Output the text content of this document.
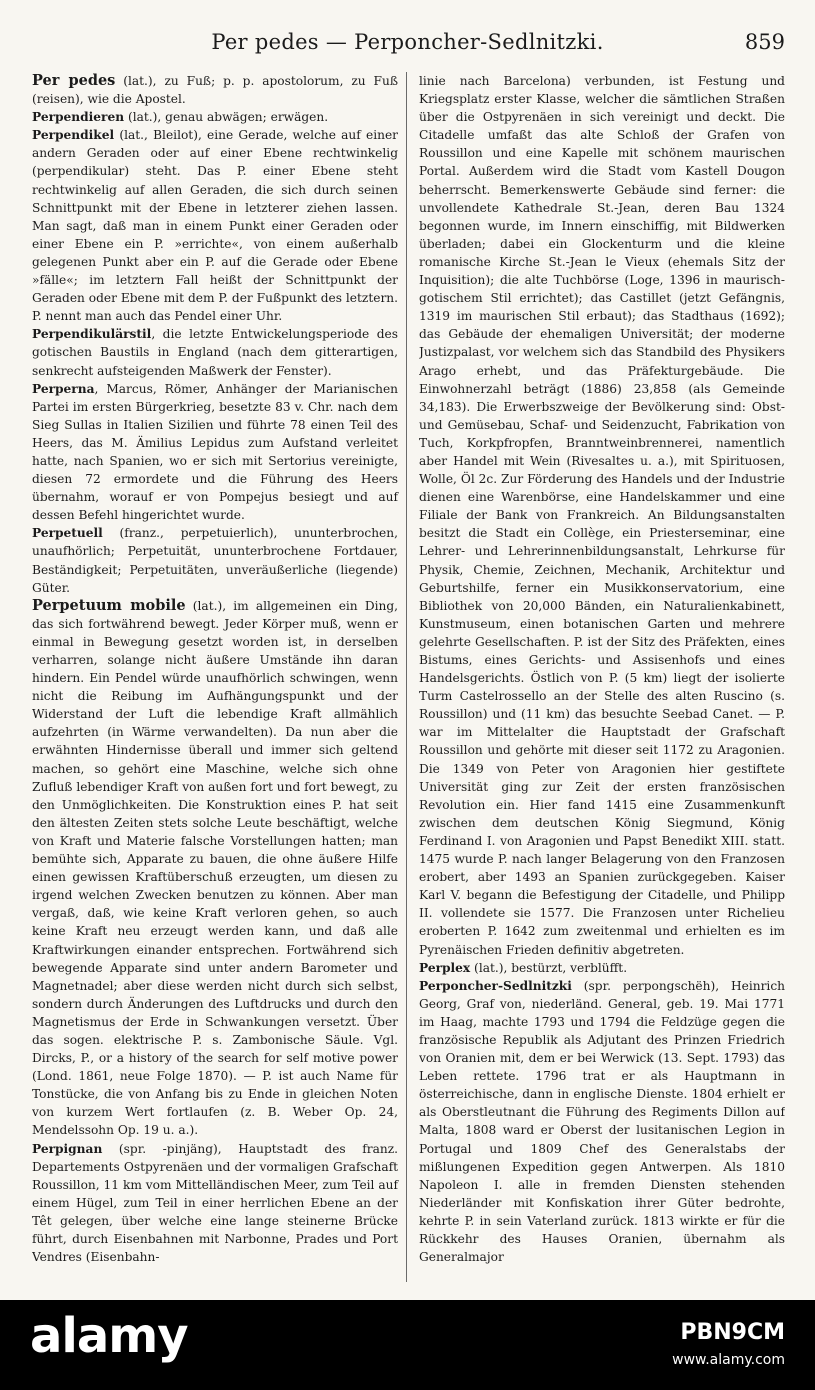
Per pedes — Perponcher-Sedlnitzki.	859

Per pedes (lat.), zu Fuß; p. p. apostolorum, zu Fuß (reisen), wie die Apostel.

Perpendieren (lat.), genau abwägen; erwägen.

Perpendikel (lat., Bleilot), eine Gerade, welche auf einer andern Geraden oder auf einer Ebene rechtwinkelig (perpendikular) steht. Das P. einer Ebene steht rechtwinkelig auf allen Geraden, die sich durch seinen Schnittpunkt mit der Ebene in letzterer ziehen lassen. Man sagt, daß man in einem Punkt einer Geraden oder einer Ebene ein P. »errichte«, von einem außerhalb gelegenen Punkt aber ein P. auf die Gerade oder Ebene »fälle«; im letztern Fall heißt der Schnittpunkt der Geraden oder Ebene mit dem P. der Fußpunkt des letztern. P. nennt man auch das Pendel einer Uhr.

Perpendikulärstil, die letzte Entwickelungsperiode des gotischen Baustils in England (nach dem gitterartigen, senkrecht aufsteigenden Maßwerk der Fenster).

Perperna, Marcus, Römer, Anhänger der Marianischen Partei im ersten Bürgerkrieg, besetzte 83 v. Chr. nach dem Sieg Sullas in Italien Sizilien und führte 78 einen Teil des Heers, das M. Ämilius Lepidus zum Aufstand verleitet hatte, nach Spanien, wo er sich mit Sertorius vereinigte, diesen 72 ermordete und die Führung des Heers übernahm, worauf er von Pompejus besiegt und auf dessen Befehl hingerichtet wurde.

Perpetuell (franz., perpetuierlich), ununterbrochen, unaufhörlich; Perpetuität, ununterbrochene Fortdauer, Beständigkeit; Perpetuitäten, unveräußerliche (liegende) Güter.

Perpetuum mobile (lat.), im allgemeinen ein Ding, das sich fortwährend bewegt. Jeder Körper muß, wenn er einmal in Bewegung gesetzt worden ist, in derselben verharren, solange nicht äußere Umstände ihn daran hindern. Ein Pendel würde unaufhörlich schwingen, wenn nicht die Reibung im Aufhängungspunkt und der Widerstand der Luft die lebendige Kraft allmählich aufzehrten (in Wärme verwandelten). Da nun aber die erwähnten Hindernisse überall und immer sich geltend machen, so gehört eine Maschine, welche sich ohne Zufluß lebendiger Kraft von außen fort und fort bewegt, zu den Unmöglichkeiten. Die Konstruktion eines P. hat seit den ältesten Zeiten stets solche Leute beschäftigt, welche von Kraft und Materie falsche Vorstellungen hatten; man bemühte sich, Apparate zu bauen, die ohne äußere Hilfe einen gewissen Kraftüberschuß erzeugten, um diesen zu irgend welchen Zwecken benutzen zu können. Aber man vergaß, daß, wie keine Kraft verloren gehen, so auch keine Kraft neu erzeugt werden kann, und daß alle Kraftwirkungen einander entsprechen. Fortwährend sich bewegende Apparate sind unter andern Barometer und Magnetnadel; aber diese werden nicht durch sich selbst, sondern durch Änderungen des Luftdrucks und durch den Magnetismus der Erde in Schwankungen versetzt. Über das sogen. elektrische P. s. Zambonische Säule. Vgl. Dircks, P., or a history of the search for self motive power (Lond. 1861, neue Folge 1870). — P. ist auch Name für Tonstücke, die von Anfang bis zu Ende in gleichen Noten von kurzem Wert fortlaufen (z. B. Weber Op. 24, Mendelssohn Op. 19 u. a.).

Perpignan (spr. -pinjäng), Hauptstadt des franz. Departements Ostpyrenäen und der vormaligen Grafschaft Roussillon, 11 km vom Mittelländischen Meer, zum Teil auf einem Hügel, zum Teil in einer herrlichen Ebene an der Têt gelegen, über welche eine lange steinerne Brücke führt, durch Eisenbahnen mit Narbonne, Prades und Port Vendres (Eisenbahn-

linie nach Barcelona) verbunden, ist Festung und Kriegsplatz erster Klasse, welcher die sämtlichen Straßen über die Ostpyrenäen in sich vereinigt und deckt. Die Citadelle umfaßt das alte Schloß der Grafen von Roussillon und eine Kapelle mit schönem maurischen Portal. Außerdem wird die Stadt vom Kastell Dougon beherrscht. Bemerkenswerte Gebäude sind ferner: die unvollendete Kathedrale St.-Jean, deren Bau 1324 begonnen wurde, im Innern einschiffig, mit Bildwerken überladen; dabei ein Glockenturm und die kleine romanische Kirche St.-Jean le Vieux (ehemals Sitz der Inquisition); die alte Tuchbörse (Loge, 1396 in maurisch-gotischem Stil errichtet); das Castillet (jetzt Gefängnis, 1319 im maurischen Stil erbaut); das Stadthaus (1692); das Gebäude der ehemaligen Universität; der moderne Justizpalast, vor welchem sich das Standbild des Physikers Arago erhebt, und das Präfekturgebäude. Die Einwohnerzahl beträgt (1886) 23,858 (als Gemeinde 34,183). Die Erwerbszweige der Bevölkerung sind: Obst- und Gemüsebau, Schaf- und Seidenzucht, Fabrikation von Tuch, Korkpfropfen, Branntweinbrennerei, namentlich aber Handel mit Wein (Rivesaltes u. a.), mit Spirituosen, Wolle, Öl 2c. Zur Förderung des Handels und der Industrie dienen eine Warenbörse, eine Handelskammer und eine Filiale der Bank von Frankreich. An Bildungsanstalten besitzt die Stadt ein Collège, ein Priesterseminar, eine Lehrer- und Lehrerinnenbildungsanstalt, Lehrkurse für Physik, Chemie, Zeichnen, Mechanik, Architektur und Geburtshilfe, ferner ein Musikkonservatorium, eine Bibliothek von 20,000 Bänden, ein Naturalienkabinett, Kunstmuseum, einen botanischen Garten und mehrere gelehrte Gesellschaften. P. ist der Sitz des Präfekten, eines Bistums, eines Gerichts- und Assisenhofs und eines Handelsgerichts. Östlich von P. (5 km) liegt der isolierte Turm Castelrossello an der Stelle des alten Ruscino (s. Roussillon) und (11 km) das besuchte Seebad Canet. — P. war im Mittelalter die Hauptstadt der Grafschaft Roussillon und gehörte mit dieser seit 1172 zu Aragonien. Die 1349 von Peter von Aragonien hier gestiftete Universität ging zur Zeit der ersten französischen Revolution ein. Hier fand 1415 eine Zusammenkunft zwischen dem deutschen König Siegmund, König Ferdinand I. von Aragonien und Papst Benedikt XIII. statt. 1475 wurde P. nach langer Belagerung von den Franzosen erobert, aber 1493 an Spanien zurückgegeben. Kaiser Karl V. begann die Befestigung der Citadelle, und Philipp II. vollendete sie 1577. Die Franzosen unter Richelieu eroberten P. 1642 zum zweitenmal und erhielten es im Pyrenäischen Frieden definitiv abgetreten.

Perplex (lat.), bestürzt, verblüfft.

Perponcher-Sedlnitzki (spr. perpongschëh), Heinrich Georg, Graf von, niederländ. General, geb. 19. Mai 1771 im Haag, machte 1793 und 1794 die Feldzüge gegen die französische Republik als Adjutant des Prinzen Friedrich von Oranien mit, dem er bei Werwick (13. Sept. 1793) das Leben rettete. 1796 trat er als Hauptmann in österreichische, dann in englische Dienste. 1804 erhielt er als Oberstleutnant die Führung des Regiments Dillon auf Malta, 1808 ward er Oberst der lusitanischen Legion in Portugal und 1809 Chef des Generalstabs der mißlungenen Expedition gegen Antwerpen. Als 1810 Napoleon I. alle in fremden Diensten stehenden Niederländer mit Konfiskation ihrer Güter bedrohte, kehrte P. in sein Vaterland zurück. 1813 wirkte er für die Rückkehr des Hauses Oranien, übernahm als Generalmajor

alamy	PBN9CM
www.alamy.com
